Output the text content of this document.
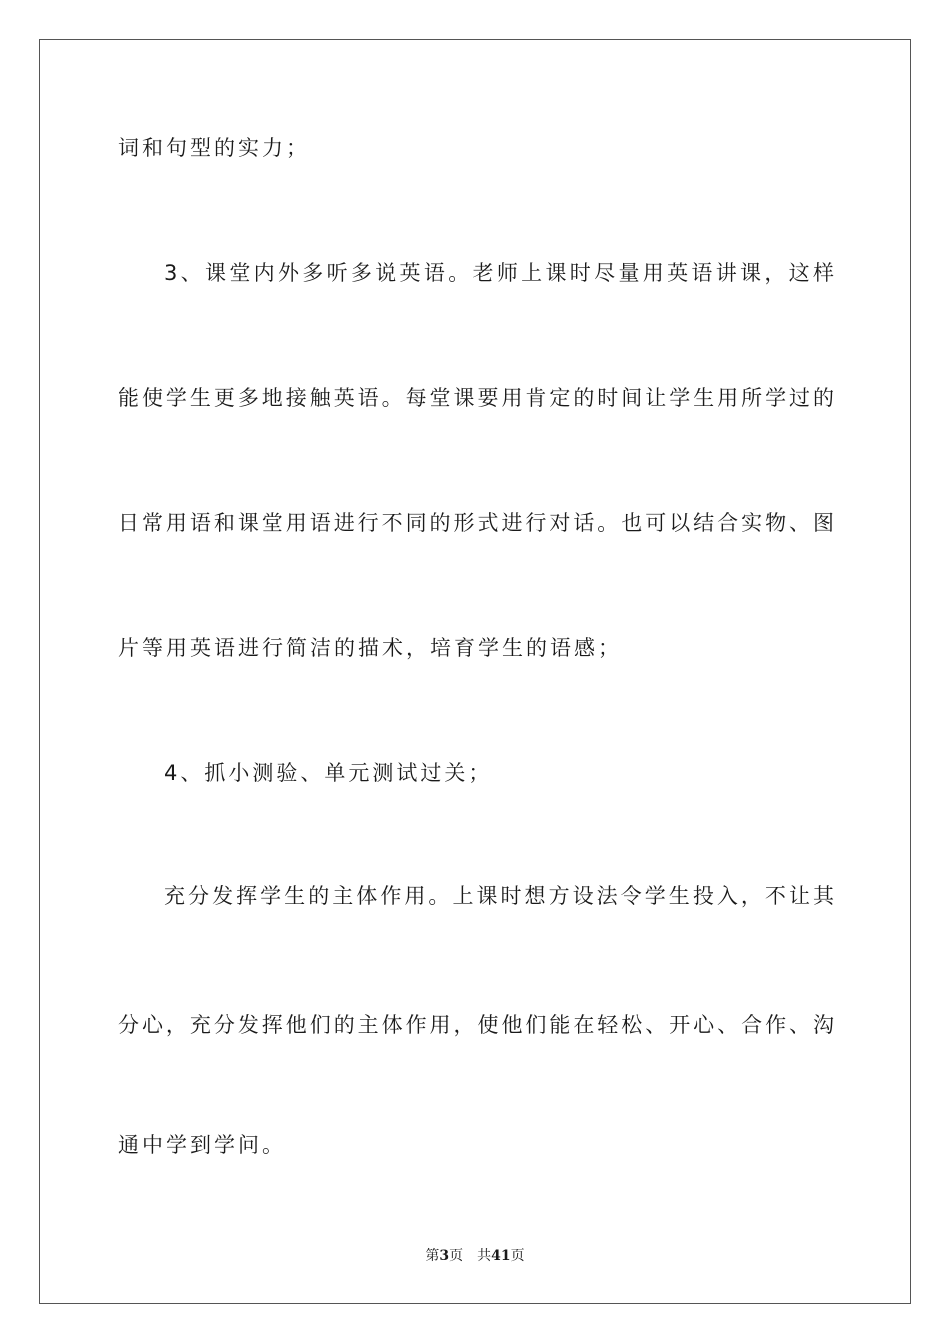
词和句型的实力；
3、课堂内外多听多说英语。老师上课时尽量用英语讲课，这样
能使学生更多地接触英语。每堂课要用肯定的时间让学生用所学过的
日常用语和课堂用语进行不同的形式进行对话。也可以结合实物、图
片等用英语进行简洁的描术，培育学生的语感；
4、抓小测验、单元测试过关；
充分发挥学生的主体作用。上课时想方设法令学生投入，不让其
分心，充分发挥他们的主体作用，使他们能在轻松、开心、合作、沟
通中学到学问。
第3页 共41页
